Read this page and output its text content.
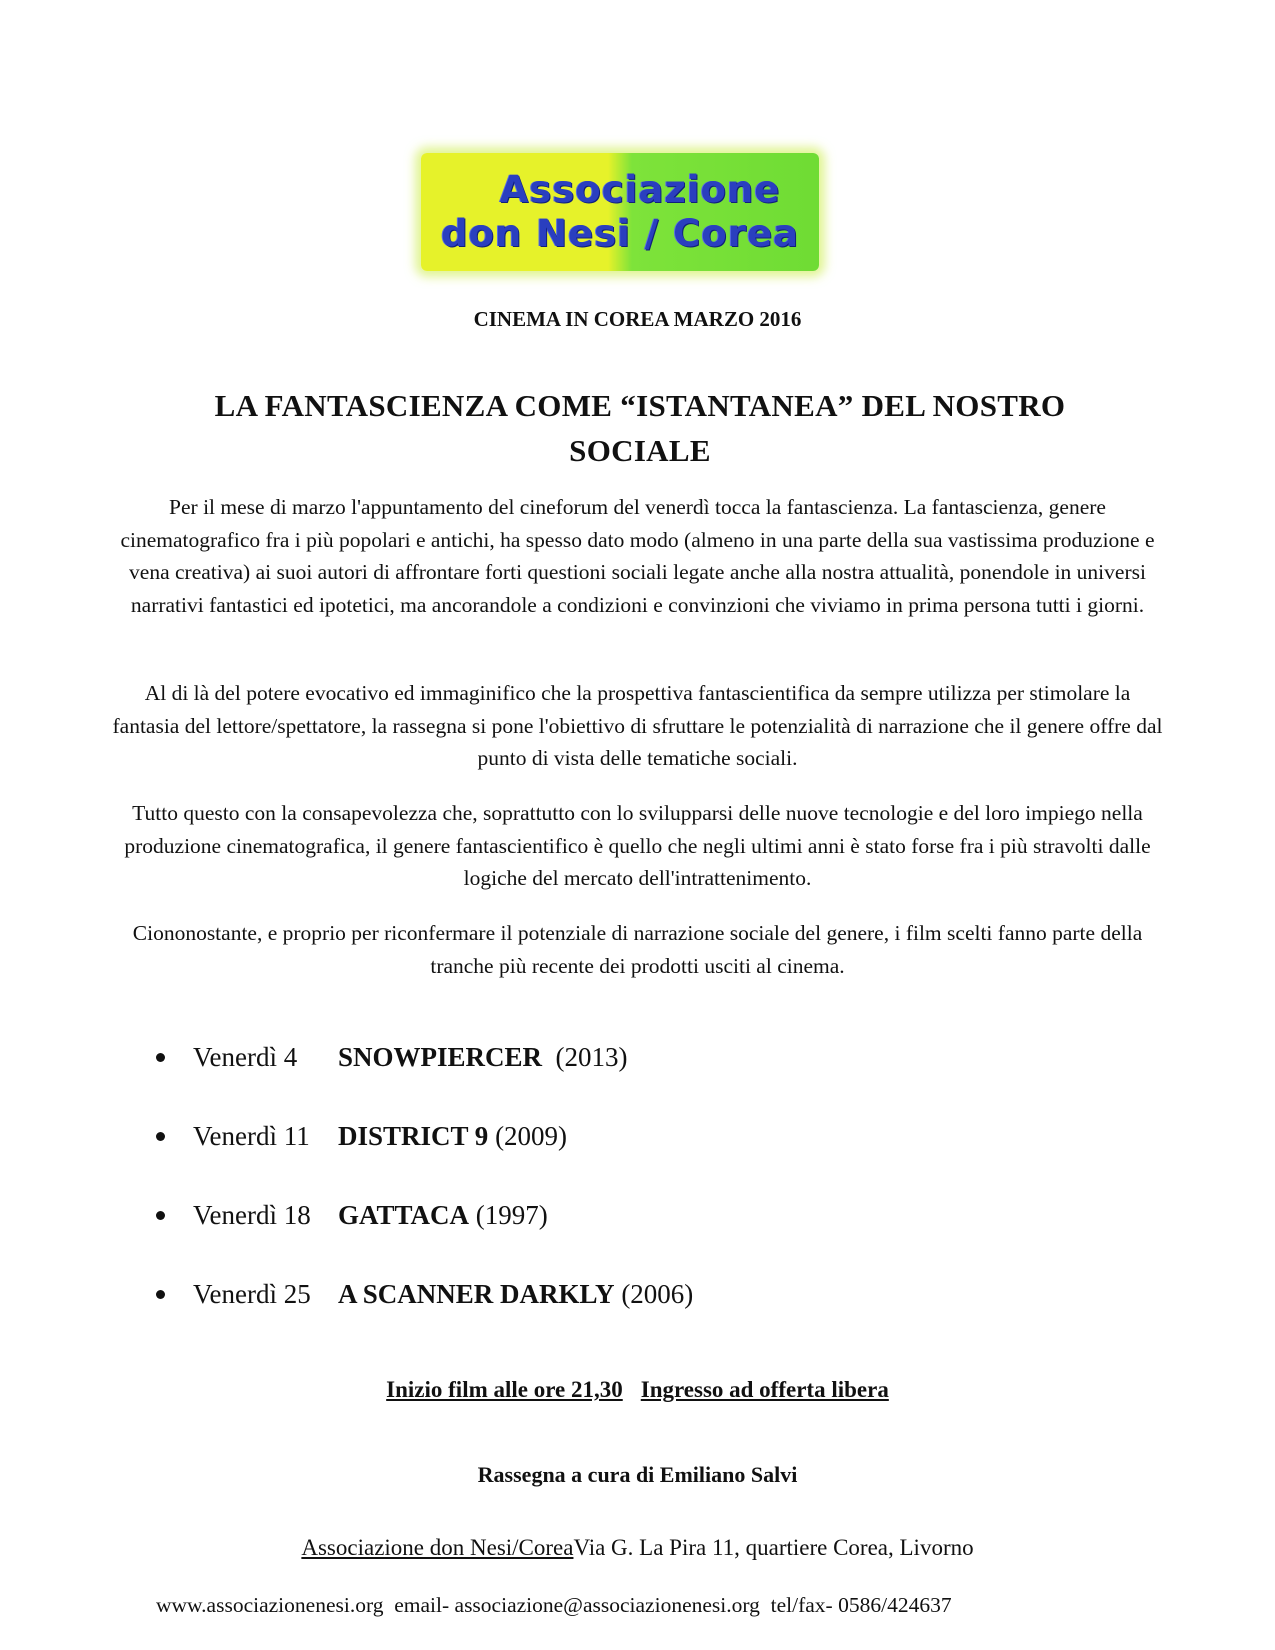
Associazione
don Nesi / Corea
CINEMA IN COREA MARZO 2016
LA FANTASCIENZA COME “ISTANTANEA” DEL NOSTRO SOCIALE
Per il mese di marzo l'appuntamento del cineforum del venerdì tocca la fantascienza. La fantascienza, genere cinematografico fra i più popolari e antichi, ha spesso dato modo (almeno in una parte della sua vastissima produzione e vena creativa) ai suoi autori di affrontare forti questioni sociali legate anche alla nostra attualità, ponendole in universi narrativi fantastici ed ipotetici, ma ancorandole a condizioni e convinzioni che viviamo in prima persona tutti i giorni.
Al di là del potere evocativo ed immaginifico che la prospettiva fantascientifica da sempre utilizza per stimolare la fantasia del lettore/spettatore, la rassegna si pone l'obiettivo di sfruttare le potenzialità di narrazione che il genere offre dal punto di vista delle tematiche sociali.
Tutto questo con la consapevolezza che, soprattutto con lo svilupparsi delle nuove tecnologie e del loro impiego nella produzione cinematografica, il genere fantascientifico è quello che negli ultimi anni è stato forse fra i più stravolti dalle logiche del mercato dell'intrattenimento.
Ciononostante, e proprio per riconfermare il potenziale di narrazione sociale del genere, i film scelti fanno parte della tranche più recente dei prodotti usciti al cinema.
Venerdì 4 SNOWPIERCER (2013)
Venerdì 11 DISTRICT 9 (2009)
Venerdì 18 GATTACA (1997)
Venerdì 25 A SCANNER DARKLY (2006)
Inizio film alle ore 21,30 Ingresso ad offerta libera
Rassegna a cura di Emiliano Salvi
Associazione don Nesi/CoreaVia G. La Pira 11, quartiere Corea, Livorno
www.associazionenesi.org  email- associazione@associazionenesi.org  tel/fax- 0586/424637
